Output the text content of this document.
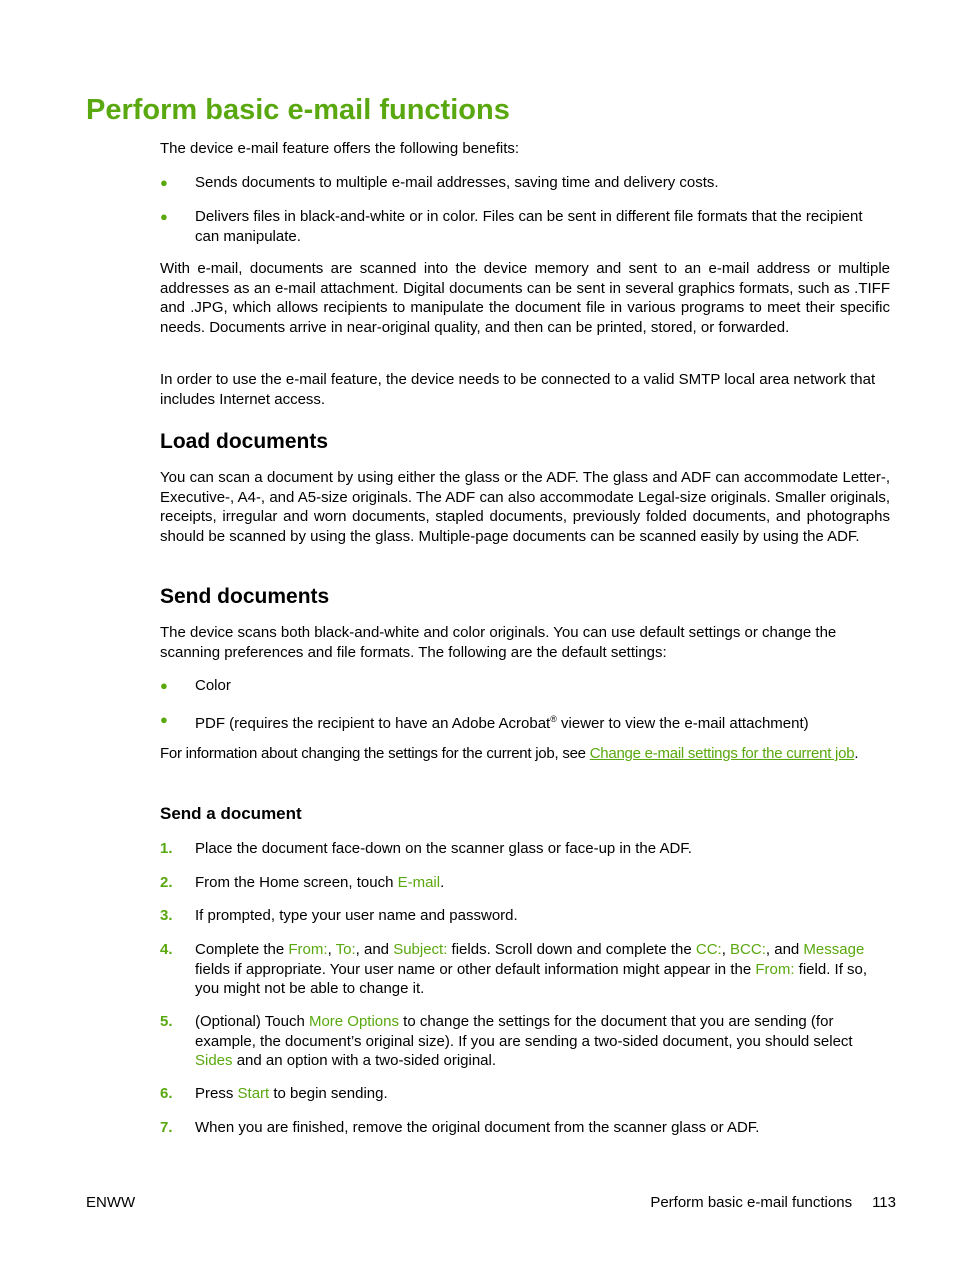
Perform basic e-mail functions

The device e-mail feature offers the following benefits:

●	Sends documents to multiple e-mail addresses, saving time and delivery costs.
●	Delivers files in black-and-white or in color. Files can be sent in different file formats that the recipient can manipulate.

With e-mail, documents are scanned into the device memory and sent to an e-mail address or multiple addresses as an e-mail attachment. Digital documents can be sent in several graphics formats, such as .TIFF and .JPG, which allows recipients to manipulate the document file in various programs to meet their specific needs. Documents arrive in near-original quality, and then can be printed, stored, or forwarded.

In order to use the e-mail feature, the device needs to be connected to a valid SMTP local area network that includes Internet access.

Load documents

You can scan a document by using either the glass or the ADF. The glass and ADF can accommodate Letter-, Executive-, A4-, and A5-size originals. The ADF can also accommodate Legal-size originals. Smaller originals, receipts, irregular and worn documents, stapled documents, previously folded documents, and photographs should be scanned by using the glass. Multiple-page documents can be scanned easily by using the ADF.

Send documents

The device scans both black-and-white and color originals. You can use default settings or change the scanning preferences and file formats. The following are the default settings:

●	Color
●	PDF (requires the recipient to have an Adobe Acrobat® viewer to view the e-mail attachment)

For information about changing the settings for the current job, see Change e-mail settings for the current job.

Send a document
1.	Place the document face-down on the scanner glass or face-up in the ADF.
2.	From the Home screen, touch E-mail.
3.	If prompted, type your user name and password.
4.	Complete the From:, To:, and Subject: fields. Scroll down and complete the CC:, BCC:, and Message fields if appropriate. Your user name or other default information might appear in the From: field. If so, you might not be able to change it.
5.	(Optional) Touch More Options to change the settings for the document that you are sending (for example, the document’s original size). If you are sending a two-sided document, you should select Sides and an option with a two-sided original.
6.	Press Start to begin sending.
7.	When you are finished, remove the original document from the scanner glass or ADF.
ENWW	Perform basic e-mail functions 113
